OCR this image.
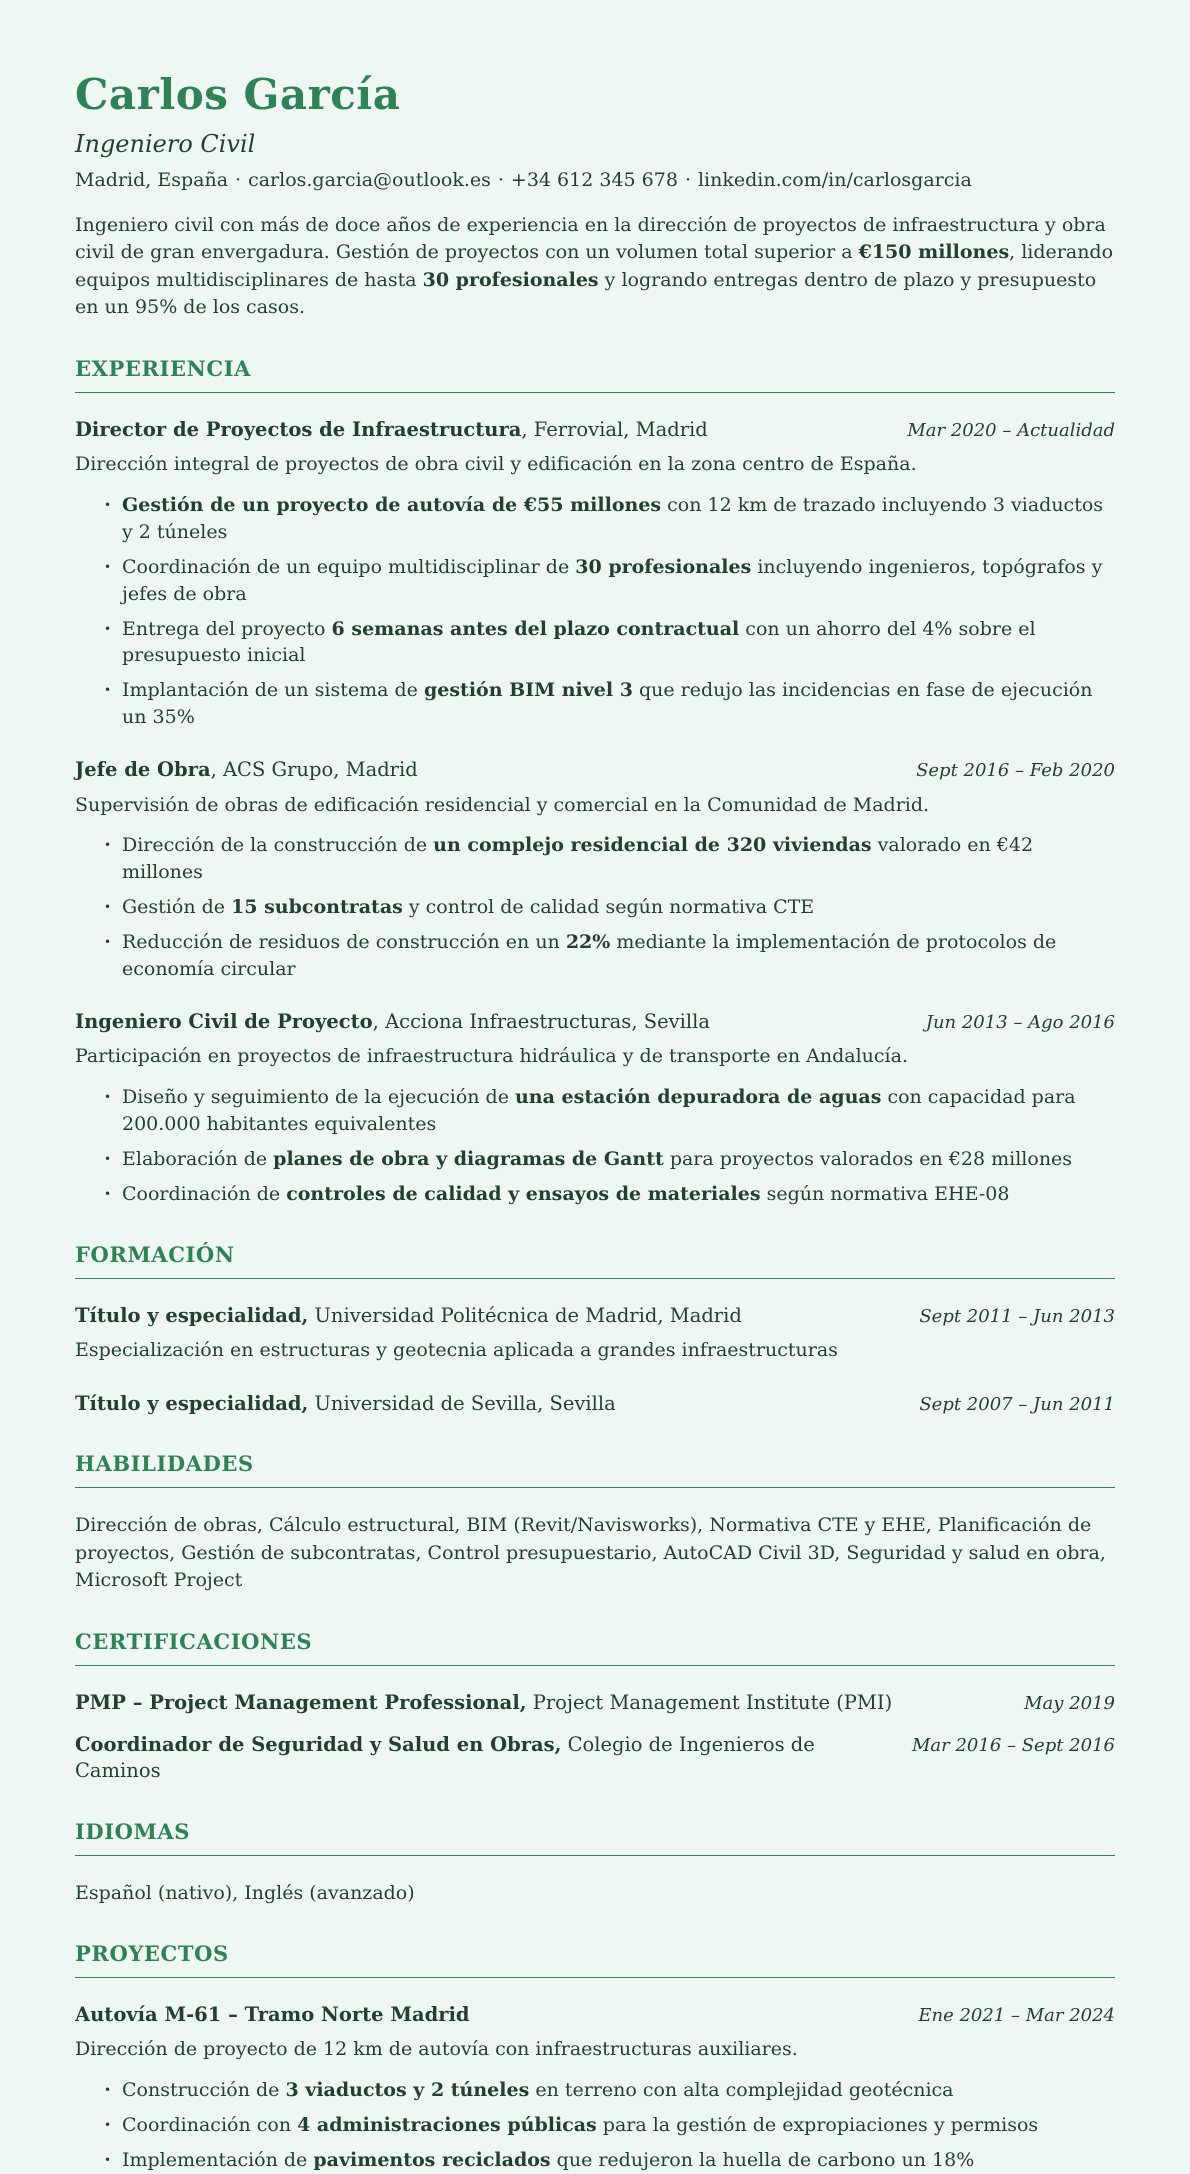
Carlos García
Ingeniero Civil
Madrid, España · carlos.garcia@outlook.es · +34 612 345 678 · linkedin.com/in/carlosgarcia

Ingeniero civil con más de doce años de experiencia en la dirección de proyectos de infraestructura y obra civil de gran envergadura. Gestión de proyectos con un volumen total superior a €150 millones, liderando equipos multidisciplinares de hasta 30 profesionales y logrando entregas dentro de plazo y presupuesto en un 95% de los casos.

EXPERIENCIA
Director de Proyectos de Infraestructura, Ferrovial, Madrid	Mar 2020 – Actualidad

Dirección integral de proyectos de obra civil y edificación en la zona centro de España.

• Gestión de un proyecto de autovía de €55 millones con 12 km de trazado incluyendo 3 viaductos y 2 túneles
• Coordinación de un equipo multidisciplinar de 30 profesionales incluyendo ingenieros, topógrafos y jefes de obra
• Entrega del proyecto 6 semanas antes del plazo contractual con un ahorro del 4% sobre el presupuesto inicial
• Implantación de un sistema de gestión BIM nivel 3 que redujo las incidencias en fase de ejecución un 35%
Jefe de Obra, ACS Grupo, Madrid	Sept 2016 – Feb 2020

Supervisión de obras de edificación residencial y comercial en la Comunidad de Madrid.

• Dirección de la construcción de un complejo residencial de 320 viviendas valorado en €42 millones
• Gestión de 15 subcontratas y control de calidad según normativa CTE
• Reducción de residuos de construcción en un 22% mediante la implementación de protocolos de economía circular
Ingeniero Civil de Proyecto, Acciona Infraestructuras, Sevilla	Jun 2013 – Ago 2016

Participación en proyectos de infraestructura hidráulica y de transporte en Andalucía.

• Diseño y seguimiento de la ejecución de una estación depuradora de aguas con capacidad para 200.000 habitantes equivalentes
• Elaboración de planes de obra y diagramas de Gantt para proyectos valorados en €28 millones
• Coordinación de controles de calidad y ensayos de materiales según normativa EHE-08
FORMACIÓN
Título y especialidad, Universidad Politécnica de Madrid, Madrid	Sept 2011 – Jun 2013

Especialización en estructuras y geotecnia aplicada a grandes infraestructuras

Título y especialidad, Universidad de Sevilla, Sevilla	Sept 2007 – Jun 2011
HABILIDADES

Dirección de obras, Cálculo estructural, BIM (Revit/Navisworks), Normativa CTE y EHE, Planificación de proyectos, Gestión de subcontratas, Control presupuestario, AutoCAD Civil 3D, Seguridad y salud en obra, Microsoft Project

CERTIFICACIONES
PMP – Project Management Professional, Project Management Institute (PMI)	May 2019
Coordinador de Seguridad y Salud en Obras, Colegio de Ingenieros de Caminos
Mar 2016 – Sept 2016
IDIOMAS

Español (nativo), Inglés (avanzado)

PROYECTOS
Autovía M-61 – Tramo Norte Madrid	Ene 2021 – Mar 2024

Dirección de proyecto de 12 km de autovía con infraestructuras auxiliares.

• Construcción de 3 viaductos y 2 túneles en terreno con alta complejidad geotécnica
• Coordinación con 4 administraciones públicas para la gestión de expropiaciones y permisos
• Implementación de pavimentos reciclados que redujeron la huella de carbono un 18%
